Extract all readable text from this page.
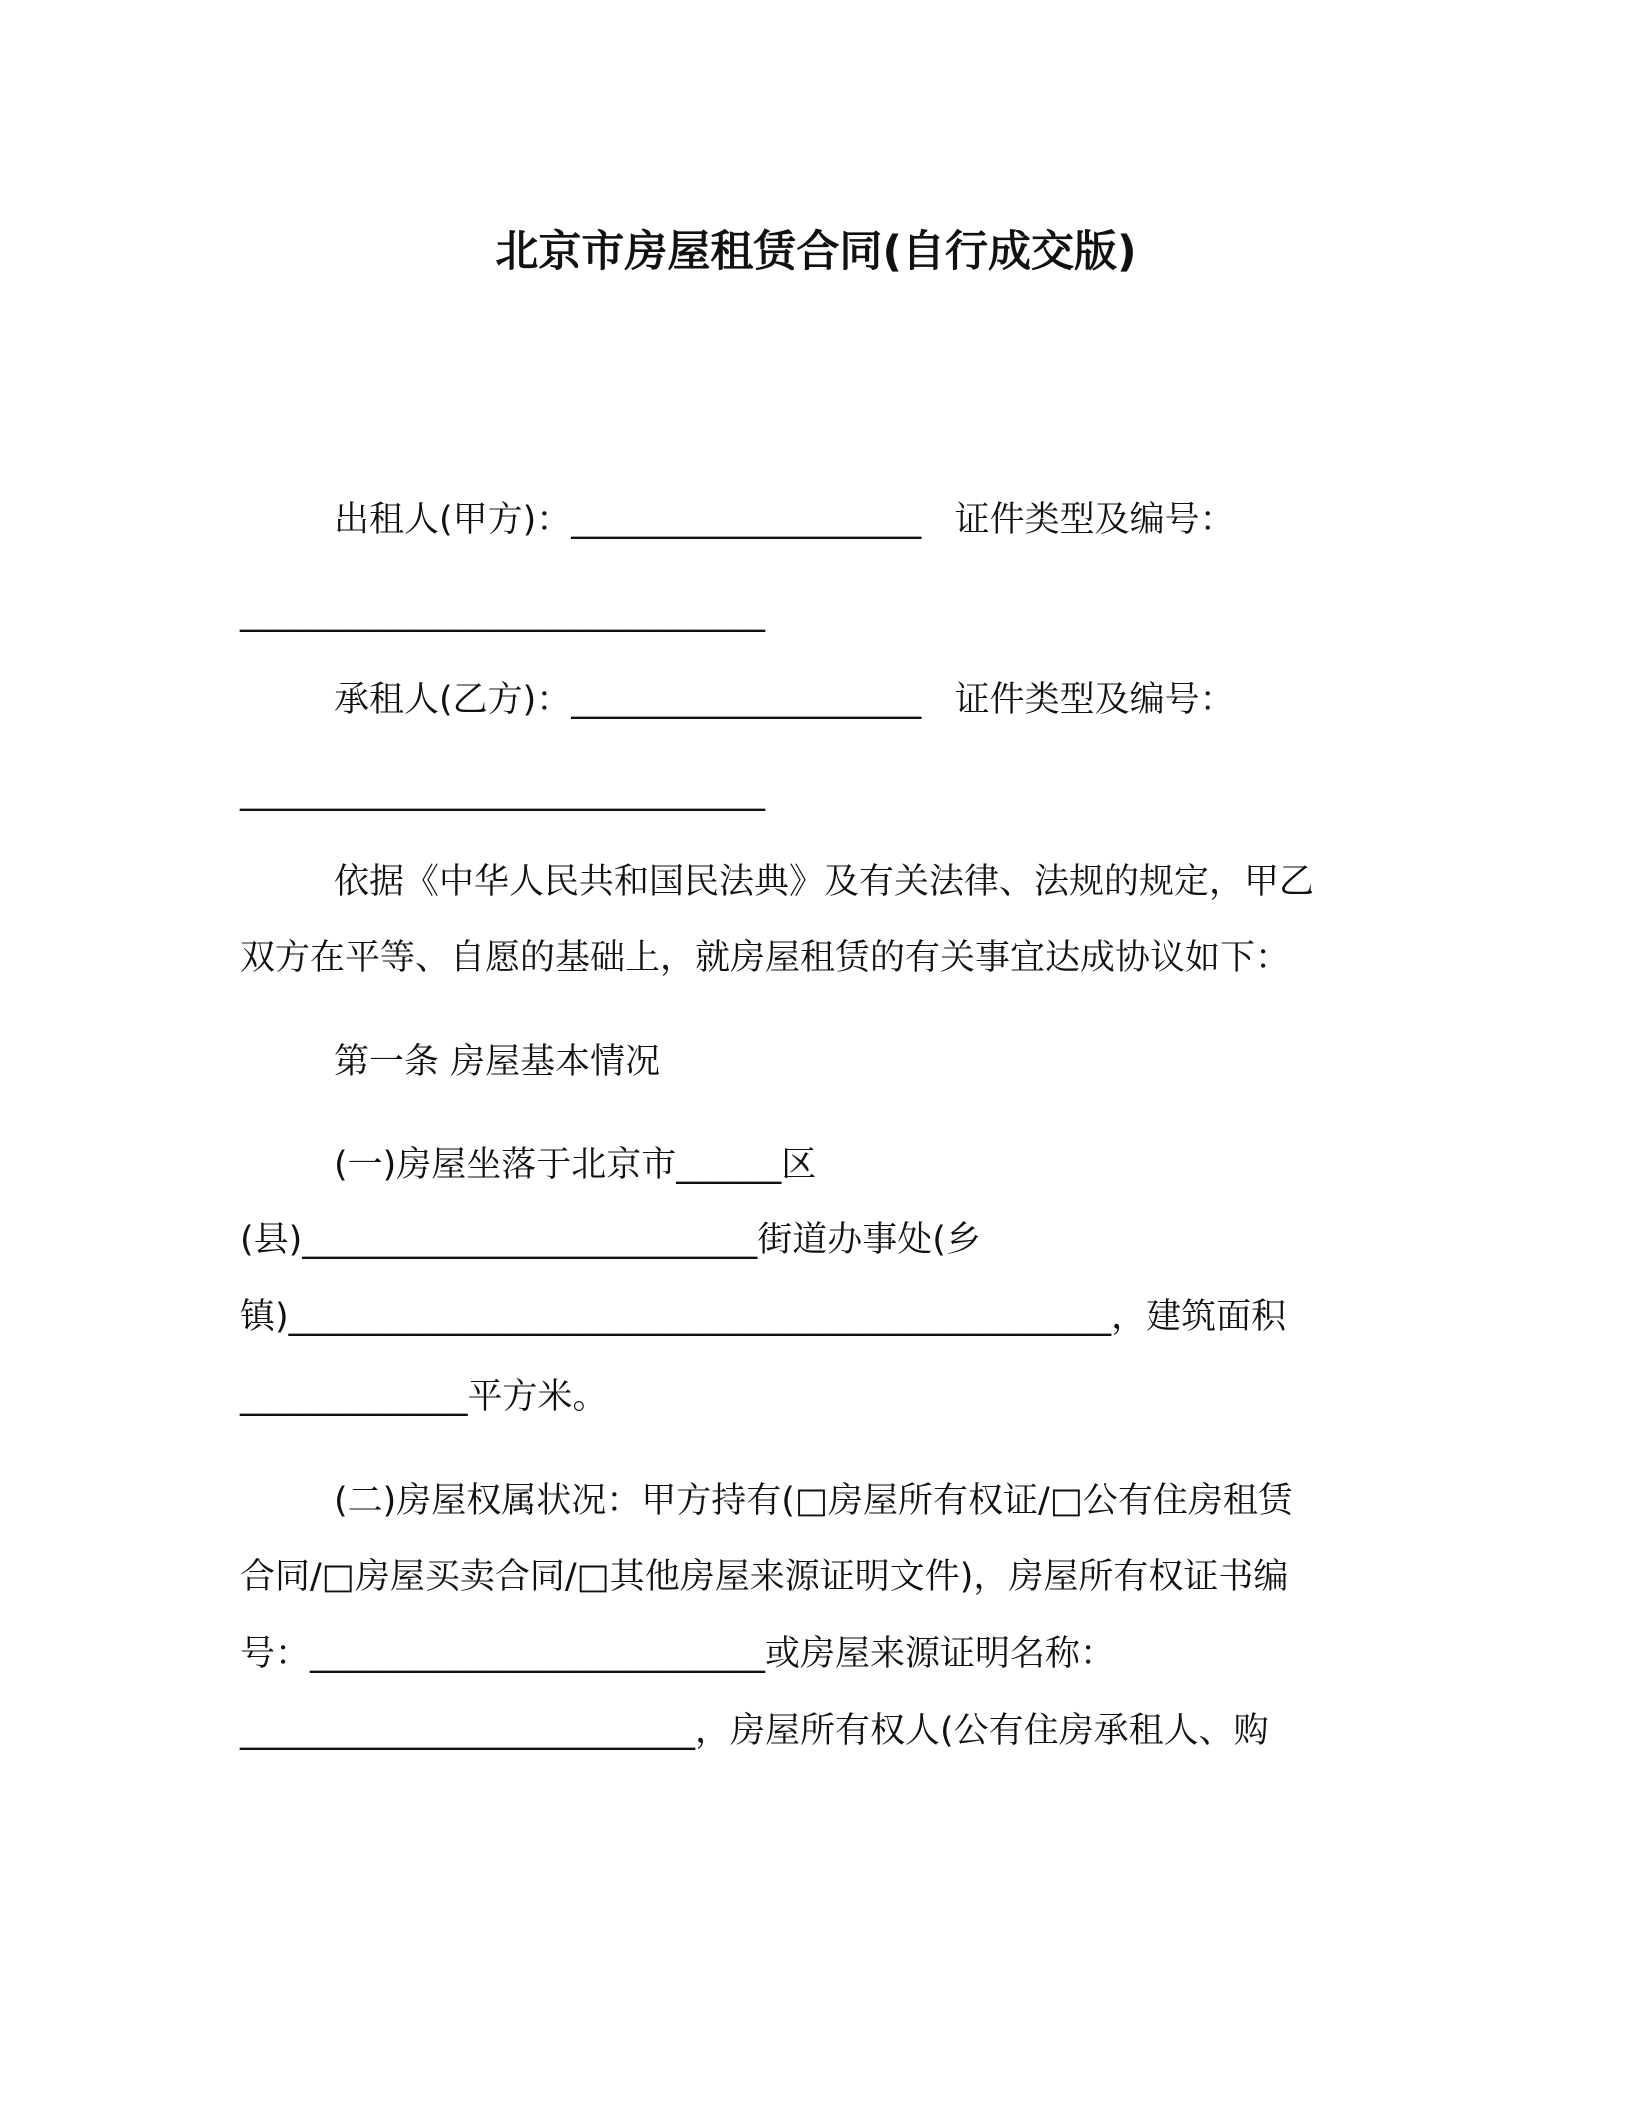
北京市房屋租赁合同(自行成交版)
出租人(甲方)：____________________   证件类型及编号：
______________________________
承租人(乙方)：____________________   证件类型及编号：
______________________________
依据《中华人民共和国民法典》及有关法律、法规的规定，甲乙
双方在平等、自愿的基础上，就房屋租赁的有关事宜达成协议如下：
第一条 房屋基本情况
(一)房屋坐落于北京市______区
(县)__________________________街道办事处(乡
镇)_______________________________________________，建筑面积
_____________平方米。
(二)房屋权属状况：甲方持有(□房屋所有权证/□公有住房租赁
合同/□房屋买卖合同/□其他房屋来源证明文件)，房屋所有权证书编
号：__________________________或房屋来源证明名称：
__________________________，房屋所有权人(公有住房承租人、购
